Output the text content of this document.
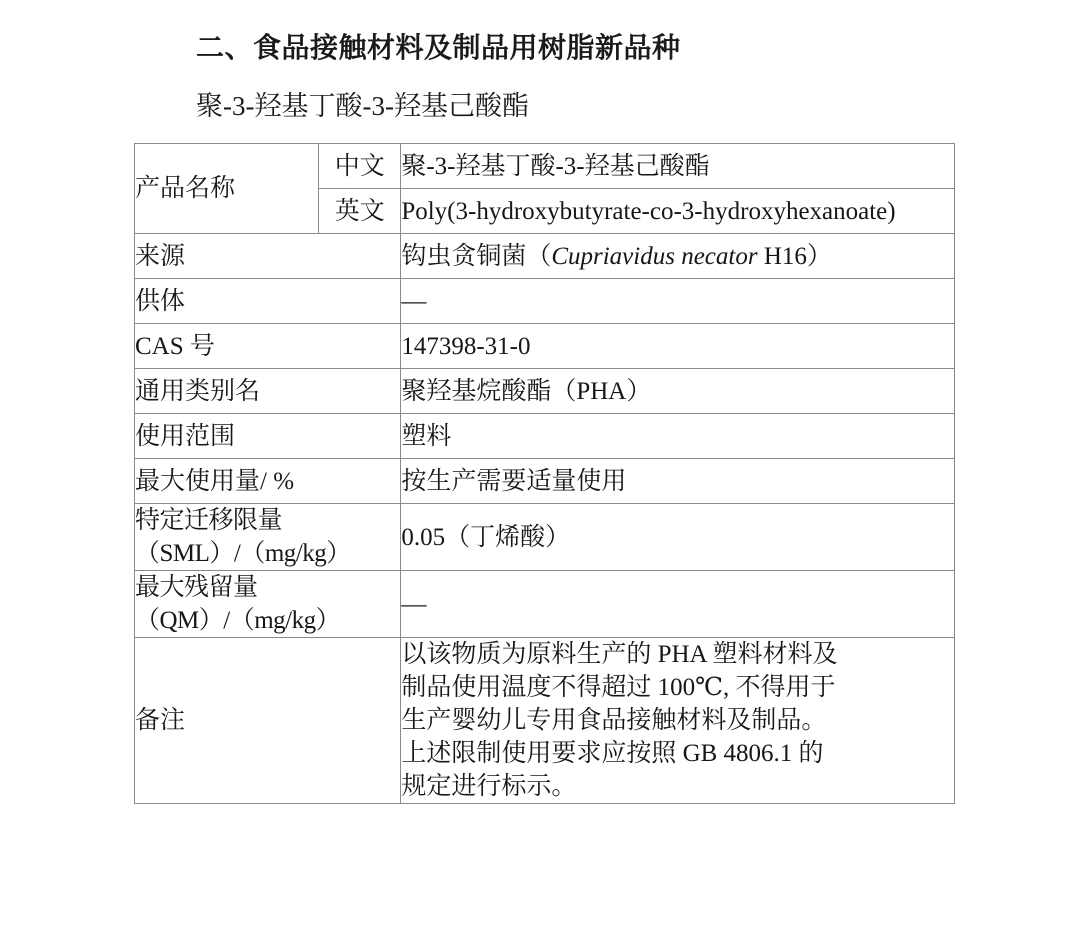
二、食品接触材料及制品用树脂新品种
聚-3-羟基丁酸-3-羟基己酸酯
产品名称	中文	聚-3-羟基丁酸-3-羟基己酸酯
	英文	Poly(3-hydroxybutyrate-co-3-hydroxyhexanoate)
来源		钩虫贪铜菌（Cupriavidus necator H16）
供体		—
CAS 号		147398-31-0
通用类别名		聚羟基烷酸酯（PHA）
使用范围		塑料
最大使用量/ %		按生产需要适量使用

特定迁移限量
（SML）/（mg/kg）		0.05（丁烯酸）

最大残留量
（QM）/（mg/kg）		—
备注		以该物质为原料生产的 PHA 塑料材料及
制品使用温度不得超过 100℃, 不得用于
生产婴幼儿专用食品接触材料及制品。
上述限制使用要求应按照 GB 4806.1 的
规定进行标示。
